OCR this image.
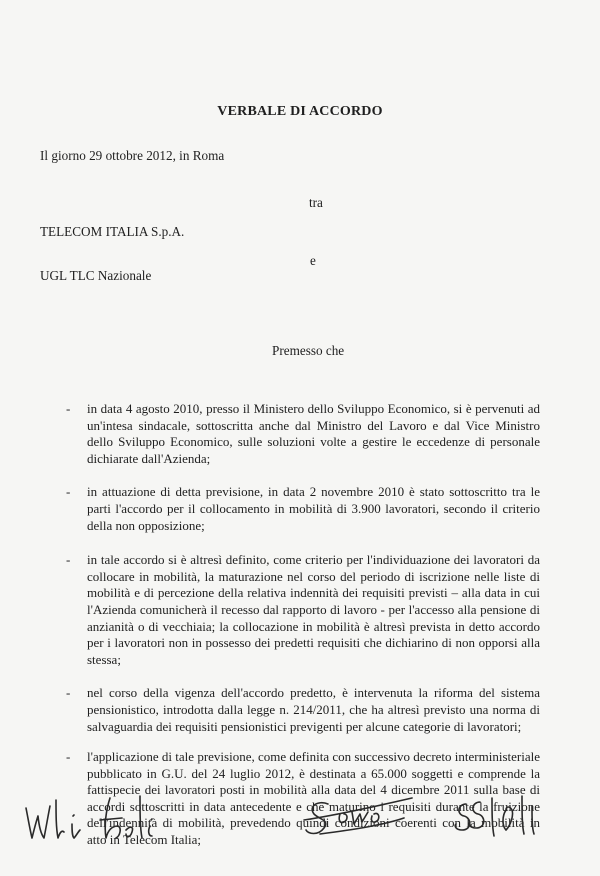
VERBALE DI ACCORDO
Il giorno 29 ottobre 2012, in Roma
tra
TELECOM ITALIA S.p.A.
e
UGL TLC Nazionale
Premesso che
-	in data 4 agosto 2010, presso il Ministero dello Sviluppo Economico, si è pervenuti ad un'intesa sindacale, sottoscritta anche dal Ministro del Lavoro e dal Vice Ministro dello Sviluppo Economico, sulle soluzioni volte a gestire le eccedenze di personale dichiarate dall'Azienda;
-	in attuazione di detta previsione, in data 2 novembre 2010 è stato sottoscritto tra le parti l'accordo per il collocamento in mobilità di 3.900 lavoratori, secondo il criterio della non opposizione;
-	in tale accordo si è altresì definito, come criterio per l'individuazione dei lavoratori da collocare in mobilità, la maturazione nel corso del periodo di iscrizione nelle liste di mobilità e di percezione della relativa indennità dei requisiti previsti – alla data in cui l'Azienda comunicherà il recesso dal rapporto di lavoro - per l'accesso alla pensione di anzianità o di vecchiaia; la collocazione in mobilità è altresì prevista in detto accordo per i lavoratori non in possesso dei predetti requisiti che dichiarino di non opporsi alla stessa;
-	nel corso della vigenza dell'accordo predetto, è intervenuta la riforma del sistema pensionistico, introdotta dalla legge n. 214/2011, che ha altresì previsto una norma di salvaguardia dei requisiti pensionistici previgenti per alcune categorie di lavoratori;
-	l'applicazione di tale previsione, come definita con successivo decreto interministeriale pubblicato in G.U. del 24 luglio 2012, è destinata a 65.000 soggetti e comprende la fattispecie dei lavoratori posti in mobilità alla data del 4 dicembre 2011 sulla base di accordi sottoscritti in data antecedente e che maturino i requisiti durante la fruizione dell'indennità di mobilità, prevedendo quindi condizioni coerenti con la mobilità in atto in Telecom Italia;
